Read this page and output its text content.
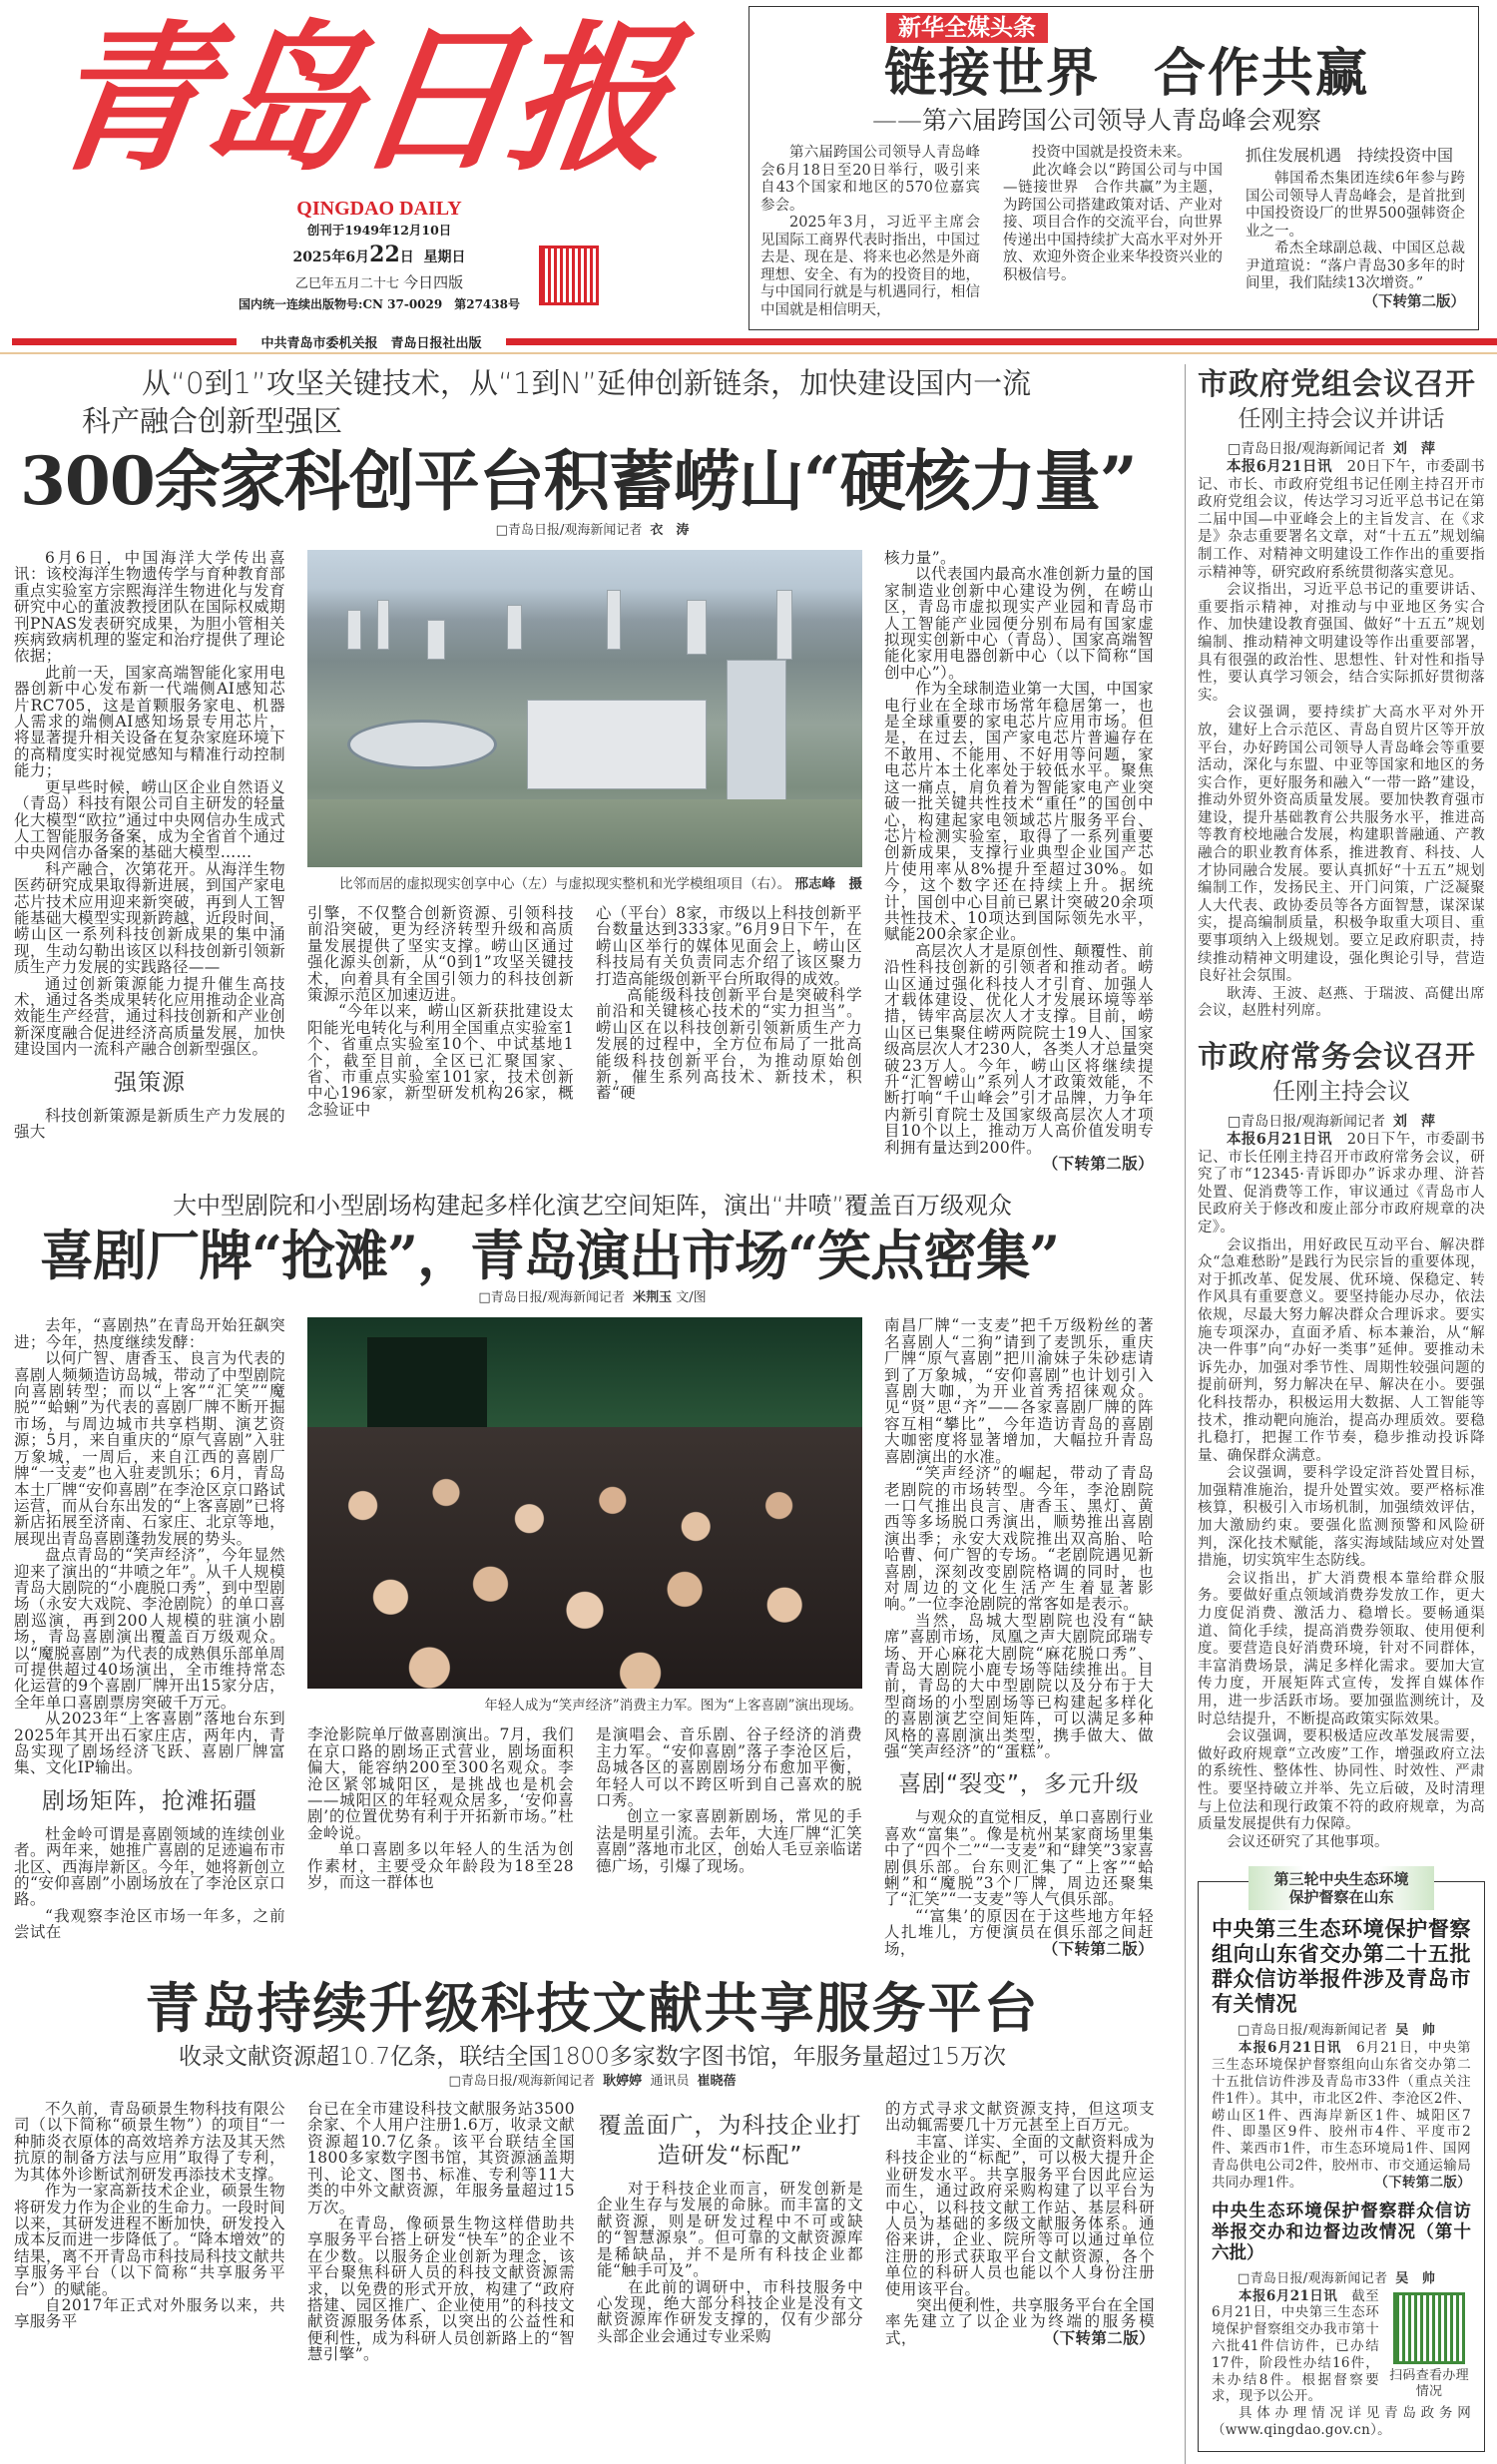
青岛日报
QINGDAO DAILY
创刊于1949年12月10日
2025年6月22日 星期日
乙巳年五月二十七 今日四版
国内统一连续出版物号:CN 37-0029　第27438号
新华全媒头条
链接世界　合作共赢
——第六届跨国公司领导人青岛峰会观察

第六届跨国公司领导人青岛峰会6月18日至20日举行，吸引来自43个国家和地区的570位嘉宾参会。

2025年3月，习近平主席会见国际工商界代表时指出，中国过去是、现在是、将来也必然是外商理想、安全、有为的投资目的地，与中国同行就是与机遇同行，相信中国就是相信明天，

投资中国就是投资未来。

此次峰会以“跨国公司与中国—链接世界　合作共赢”为主题，为跨国公司搭建政策对话、产业对接、项目合作的交流平台，向世界传递出中国持续扩大高水平对外开放、欢迎外资企业来华投资兴业的积极信号。

抓住发展机遇　持续投资中国

韩国希杰集团连续6年参与跨国公司领导人青岛峰会，是首批到中国投资设厂的世界500强韩资企业之一。

希杰全球副总裁、中国区总裁尹道瑄说：“落户青岛30多年的时间里，我们陆续13次增资。”

（下转第二版）
中共青岛市委机关报　青岛日报社出版
从“0到1”攻坚关键技术，从“1到N”延伸创新链条，加快建设国内一流
科产融合创新型强区
300余家科创平台积蓄崂山“硬核力量”
□青岛日报/观海新闻记者 衣　涛

6月6日，中国海洋大学传出喜讯：该校海洋生物遗传学与育种教育部重点实验室方宗熙海洋生物进化与发育研究中心的董波教授团队在国际权威期刊PNAS发表研究成果，为胆小管相关疾病致病机理的鉴定和治疗提供了理论依据；

此前一天，国家高端智能化家用电器创新中心发布新一代端侧AI感知芯片RC705，这是首颗服务家电、机器人需求的端侧AI感知场景专用芯片，将显著提升相关设备在复杂家庭环境下的高精度实时视觉感知与精准行动控制能力；

更早些时候，崂山区企业自然语义（青岛）科技有限公司自主研发的轻量化大模型“欧拉”通过中央网信办生成式人工智能服务备案，成为全省首个通过中央网信办备案的基础大模型……

科产融合，次第花开。从海洋生物医药研究成果取得新进展，到国产家电芯片技术应用迎来新突破，再到人工智能基础大模型实现新跨越，近段时间，崂山区一系列科技创新成果的集中涌现，生动勾勒出该区以科技创新引领新质生产力发展的实践路径——

通过创新策源能力提升催生高技术，通过各类成果转化应用推动企业高效能生产经营，通过科技创新和产业创新深度融合促进经济高质量发展，加快建设国内一流科产融合创新型强区。

强策源

科技创新策源是新质生产力发展的强大

比邻而居的虚拟现实创享中心（左）与虚拟现实整机和光学模组项目（右）。 邢志峰　摄

引擎，不仅整合创新资源、引领科技前沿突破，更为经济转型升级和高质量发展提供了坚实支撑。崂山区通过强化源头创新，从“0到1”攻坚关键技术，向着具有全国引领力的科技创新策源示范区加速迈进。

“今年以来，崂山区新获批建设太阳能光电转化与利用全国重点实验室1个、省重点实验室10个、中试基地1个，截至目前，全区已汇聚国家、省、市重点实验室101家，技术创新中心196家，新型研发机构26家，概念验证中

心（平台）8家，市级以上科技创新平台数量达到333家。”6月9日下午，在崂山区举行的媒体见面会上，崂山区科技局有关负责同志介绍了该区聚力打造高能级创新平台所取得的成效。

高能级科技创新平台是突破科学前沿和关键核心技术的“实力担当”。崂山区在以科技创新引领新质生产力发展的过程中，全方位布局了一批高能级科技创新平台，为推动原始创新，催生系列高技术、新技术，积蓄“硬

核力量”。

以代表国内最高水准创新力量的国家制造业创新中心建设为例，在崂山区，青岛市虚拟现实产业园和青岛市人工智能产业园便分别布局有国家虚拟现实创新中心（青岛）、国家高端智能化家用电器创新中心（以下简称“国创中心”）。

作为全球制造业第一大国，中国家电行业在全球市场常年稳居第一，也是全球重要的家电芯片应用市场。但是，在过去，国产家电芯片普遍存在不敢用、不能用、不好用等问题，家电芯片本土化率处于较低水平。聚焦这一痛点，肩负着为智能家电产业突破一批关键共性技术“重任”的国创中心，构建起家电领域芯片服务平台、芯片检测实验室，取得了一系列重要创新成果，支撑行业典型企业国产芯片使用率从8%提升至超过30%。如今，这个数字还在持续上升。据统计，国创中心目前已累计突破20余项共性技术、10项达到国际领先水平，赋能200余家企业。

高层次人才是原创性、颠覆性、前沿性科技创新的引领者和推动者。崂山区通过强化科技人才引育、加强人才载体建设、优化人才发展环境等举措，铸牢高层次人才支撑。目前，崂山区已集聚住崂两院院士19人、国家级高层次人才230人，各类人才总量突破23万人。今年，崂山区将继续提升“汇智崂山”系列人才政策效能，不断打响“千山峰会”引才品牌，力争年内新引育院士及国家级高层次人才项目10个以上，推动万人高价值发明专利拥有量达到200件。
（下转第二版）

大中型剧院和小型剧场构建起多样化演艺空间矩阵，演出“井喷”覆盖百万级观众
喜剧厂牌“抢滩”，青岛演出市场“笑点密集”
□青岛日报/观海新闻记者 米荆玉 文/图

去年，“喜剧热”在青岛开始狂飙突进；今年，热度继续发酵：

以何广智、唐香玉、良言为代表的喜剧人频频造访岛城，带动了中型剧院向喜剧转型；而以“上客”“汇笑”“魔脱”“蛤蜊”为代表的喜剧厂牌不断开掘市场，与周边城市共享档期、演艺资源；5月，来自重庆的“原气喜剧”入驻万象城，一周后，来自江西的喜剧厂牌“一支麦”也入驻麦凯乐；6月，青岛本土厂牌“安仰喜剧”在李沧区京口路试运营，而从台东出发的“上客喜剧”已将新店拓展至济南、石家庄、北京等地，展现出青岛喜剧蓬勃发展的势头。

盘点青岛的“笑声经济”，今年显然迎来了演出的“井喷之年”。从千人规模青岛大剧院的“小鹿脱口秀”，到中型剧场（永安大戏院、李沧剧院）的单口喜剧巡演，再到200人规模的驻演小剧场，青岛喜剧演出覆盖百万级观众。以“魔脱喜剧”为代表的成熟俱乐部单周可提供超过40场演出，全市维持常态化运营的9个喜剧厂牌开出15家分店，全年单口喜剧票房突破千万元。

从2023年“上客喜剧”落地台东到2025年其开出石家庄店，两年内，青岛实现了剧场经济飞跃、喜剧厂牌富集、文化IP输出。

剧场矩阵，抢滩拓疆

杜金岭可谓是喜剧领域的连续创业者。两年来，她推广喜剧的足迹遍布市北区、西海岸新区。今年，她将新创立的“安仰喜剧”小剧场放在了李沧区京口路。

“我观察李沧区市场一年多，之前尝试在

年轻人成为“笑声经济”消费主力军。图为“上客喜剧”演出现场。

李沧影院单厅做喜剧演出。7月，我们在京口路的剧场正式营业，剧场面积偏大，能容纳200至300名观众。李沧区紧邻城阳区，是挑战也是机会——城阳区的年轻观众居多，‘安仰喜剧’的位置优势有利于开拓新市场。”杜金岭说。

单口喜剧多以年轻人的生活为创作素材，主要受众年龄段为18至28岁，而这一群体也

是演唱会、音乐剧、谷子经济的消费主力军。“安仰喜剧”落子李沧区后，岛城各区的喜剧剧场分布愈加平衡，年轻人可以不跨区听到自己喜欢的脱口秀。

创立一家喜剧新剧场，常见的手法是明星引流。去年，大连厂牌“汇笑喜剧”落地市北区，创始人毛豆亲临诺德广场，引爆了现场。

南昌厂牌“一支麦”把千万级粉丝的著名喜剧人“二狗”请到了麦凯乐，重庆厂牌“原气喜剧”把川渝妹子朱砂痣请到了万象城，“安仰喜剧”也计划引入喜剧大咖，为开业首秀招徕观众。见“贤”思“齐”——各家喜剧厂牌的阵容互相“攀比”，今年造访青岛的喜剧大咖密度将显著增加，大幅拉升青岛喜剧演出的水准。

“笑声经济”的崛起，带动了青岛老剧院的市场转型。今年，李沧剧院一口气推出良言、唐香玉、黑灯、黄西等多场脱口秀演出，顺势推出喜剧演出季；永安大戏院推出双高胎、哈哈曹、何广智的专场。“老剧院遇见新喜剧，深刻改变剧院格调的同时，也对周边的文化生活产生着显著影响。”一位李沧剧院的常客如是表示。

当然，岛城大型剧院也没有“缺席”喜剧市场，凤凰之声大剧院邱瑞专场、开心麻花大剧院“麻花脱口秀”、青岛大剧院小鹿专场等陆续推出。目前，青岛的大中型剧院以及分布于大型商场的小型剧场等已构建起多样化的喜剧演艺空间矩阵，可以满足多种风格的喜剧演出类型，携手做大、做强“笑声经济”的“蛋糕”。

喜剧“裂变”，多元升级

与观众的直觉相反，单口喜剧行业喜欢“富集”。像是杭州某家商场里集中了“四个二”“一支麦”和“肆笑”3家喜剧俱乐部。台东则汇集了“上客”“蛤蜊”和“魔脱”3个厂牌，周边还聚集了“汇笑”“一支麦”等人气俱乐部。

“‘富集’的原因在于这些地方年轻人扎堆儿，方便演员在俱乐部之间赶场，	（下转第二版）

青岛持续升级科技文献共享服务平台
收录文献资源超10.7亿条，联结全国1800多家数字图书馆，年服务量超过15万次
□青岛日报/观海新闻记者 耿婷婷 通讯员 崔晓蓓

不久前，青岛硕景生物科技有限公司（以下简称“硕景生物”）的项目“一种肺炎衣原体的高效培养方法及其天然抗原的制备方法与应用”取得了专利，为其体外诊断试剂研发再添技术支撑。

作为一家高新技术企业，硕景生物将研发力作为企业的生命力。一段时间以来，其研发进程不断加快，研发投入成本反而进一步降低了。“降本增效”的结果，离不开青岛市科技局科技文献共享服务平台（以下简称“共享服务平台”）的赋能。

自2017年正式对外服务以来，共享服务平

台已在全市建设科技文献服务站3500余家、个人用户注册1.6万，收录文献资源超10.7亿条。该平台联结全国1800多家数字图书馆，其资源涵盖期刊、论文、图书、标准、专利等11大类的中外文献资源，年服务量超过15万次。

在青岛，像硕景生物这样借助共享服务平台搭上研发“快车”的企业不在少数。以服务企业创新为理念，该平台聚焦科研人员的科技文献资源需求，以免费的形式开放，构建了“政府搭建、园区推广、企业使用”的科技文献资源服务体系，以突出的公益性和便利性，成为科研人员创新路上的“智慧引擎”。

覆盖面广，为科技企业打造研发“标配”

对于科技企业而言，研发创新是企业生存与发展的命脉。而丰富的文献资源，则是研发过程中不可或缺的“智慧源泉”。但可靠的文献资源库是稀缺品，并不是所有科技企业都能“触手可及”。

在此前的调研中，市科技服务中心发现，绝大部分科技企业是没有文献资源库作研发支撑的，仅有少部分头部企业会通过专业采购

的方式寻求文献资源支持，但这项支出动辄需要几十万元甚至上百万元。

丰富、详实、全面的文献资料成为科技企业的“标配”，可以极大提升企业研发水平。共享服务平台因此应运而生，通过政府采购构建了以平台为中心，以科技文献工作站、基层科研人员为基础的多级文献服务体系。通俗来讲，企业、院所等可以通过单位注册的形式获取平台文献资源，各个单位的科研人员也能以个人身份注册使用该平台。

突出便利性，共享服务平台在全国率先建立了以企业为终端的服务模式，	（下转第二版）

市政府党组会议召开
任刚主持会议并讲话
□青岛日报/观海新闻记者 刘　萍

本报6月21日讯　 20日下午，市委副书记、市长、市政府党组书记任刚主持召开市政府党组会议，传达学习习近平总书记在第二届中国—中亚峰会上的主旨发言、在《求是》杂志重要署名文章，对“十五五”规划编制工作、对精神文明建设工作作出的重要指示精神等，研究政府系统贯彻落实意见。

会议指出，习近平总书记的重要讲话、重要指示精神，对推动与中亚地区务实合作、加快建设教育强国、做好“十五五”规划编制、推动精神文明建设等作出重要部署，具有很强的政治性、思想性、针对性和指导性，要认真学习领会，结合实际抓好贯彻落实。

会议强调，要持续扩大高水平对外开放，建好上合示范区、青岛自贸片区等开放平台，办好跨国公司领导人青岛峰会等重要活动，深化与东盟、中亚等国家和地区的务实合作，更好服务和融入“一带一路”建设，推动外贸外资高质量发展。要加快教育强市建设，提升基础教育公共服务水平，推进高等教育校地融合发展，构建职普融通、产教融合的职业教育体系，推进教育、科技、人才协同融合发展。要认真抓好“十五五”规划编制工作，发扬民主、开门问策，广泛凝聚人大代表、政协委员等各方面智慧，谋深谋实，提高编制质量，积极争取重大项目、重要事项纳入上级规划。要立足政府职责，持续推动精神文明建设，强化舆论引导，营造良好社会氛围。

耿涛、王波、赵燕、于瑞波、高健出席会议，赵胜村列席。

市政府常务会议召开
任刚主持会议
□青岛日报/观海新闻记者 刘　萍

本报6月21日讯　 20日下午，市委副书记、市长任刚主持召开市政府常务会议，研究了市“12345·青诉即办”诉求办理、浒苔处置、促消费等工作，审议通过《青岛市人民政府关于修改和废止部分市政府规章的决定》。

会议指出，用好政民互动平台、解决群众“急难愁盼”是践行为民宗旨的重要体现，对于抓改革、促发展、优环境、保稳定、转作风具有重要意义。要坚持能办尽办，依法依规，尽最大努力解决群众合理诉求。要实施专项深办，直面矛盾、标本兼治，从“解决一件事”向“办好一类事”延伸。要推动未诉先办，加强对季节性、周期性较强问题的提前研判，努力解决在早、解决在小。要强化科技帮办，积极运用大数据、人工智能等技术，推动靶向施治，提高办理质效。要稳扎稳打，把握工作节奏，稳步推动投诉降量、确保群众满意。

会议强调，要科学设定浒苔处置目标，加强精准施治，提升处置实效。要严格标准核算，积极引入市场机制，加强绩效评估，加大激励约束。要强化监测预警和风险研判，深化技术赋能，落实海域陆域应对处置措施，切实筑牢生态防线。

会议指出，扩大消费根本靠给群众服务。要做好重点领域消费券发放工作，更大力度促消费、激活力、稳增长。要畅通渠道、简化手续，提高消费券领取、使用便利度。要营造良好消费环境，针对不同群体，丰富消费场景，满足多样化需求。要加大宣传力度，开展矩阵式宣传，发挥自媒体作用，进一步活跃市场。要加强监测统计，及时总结提升，不断提高政策实际效果。

会议强调，要积极适应改革发展需要，做好政府规章“立改废”工作，增强政府立法的系统性、整体性、协同性、时效性、严肃性。要坚持破立并举、先立后破，及时清理与上位法和现行政策不符的政府规章，为高质量发展提供有力保障。

会议还研究了其他事项。

第三轮中央生态环境
保护督察在山东
中央第三生态环境保护督察组向山东省交办第二十五批群众信访举报件涉及青岛市有关情况
□青岛日报/观海新闻记者 吴　帅

本报6月21日讯　 6月21日，中央第三生态环境保护督察组向山东省交办第二十五批信访件涉及青岛市33件（重点关注件1件）。其中，市北区2件、李沧区2件、崂山区1件、西海岸新区1件、城阳区7件、即墨区9件、胶州市4件、平度市2件、莱西市1件，市生态环境局1件、国网青岛供电公司2件，胶州市、市交通运输局共同办理1件。	（下转第二版）

中央生态环境保护督察群众信访举报交办和边督边改情况（第十六批）
□青岛日报/观海新闻记者 吴　帅
扫码查看办理情况

本报6月21日讯　 截至6月21日，中央第三生态环境保护督察组交办我市第十六批41件信访件，已办结17件，阶段性办结16件，未办结8件。根据督察要求，现予以公开。

具体办理情况详见青岛政务网（www.qingdao.gov.cn）。
